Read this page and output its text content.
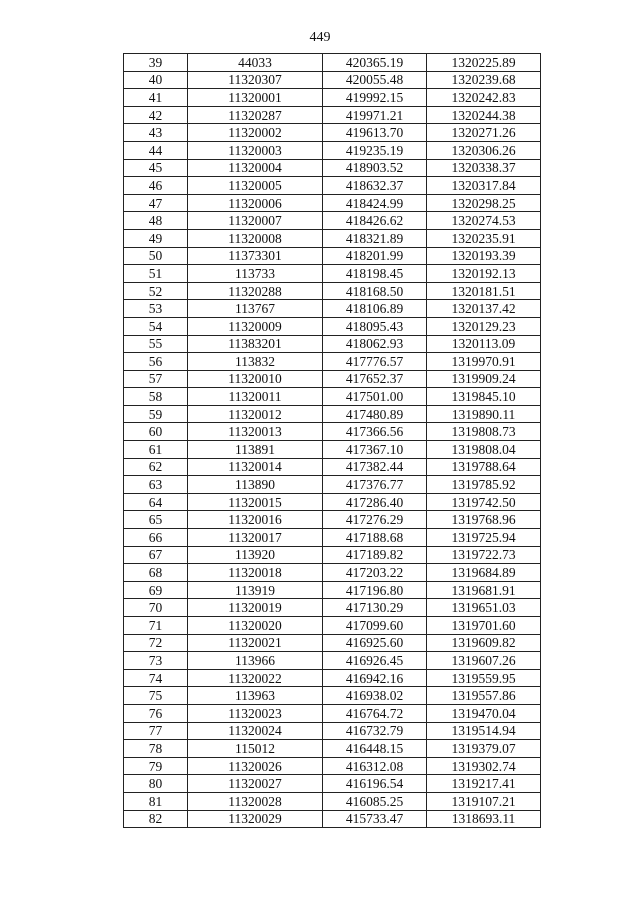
449
39	44033	420365.19	1320225.89
40	11320307	420055.48	1320239.68
41	11320001	419992.15	1320242.83
42	11320287	419971.21	1320244.38
43	11320002	419613.70	1320271.26
44	11320003	419235.19	1320306.26
45	11320004	418903.52	1320338.37
46	11320005	418632.37	1320317.84
47	11320006	418424.99	1320298.25
48	11320007	418426.62	1320274.53
49	11320008	418321.89	1320235.91
50	11373301	418201.99	1320193.39
51	113733	418198.45	1320192.13
52	11320288	418168.50	1320181.51
53	113767	418106.89	1320137.42
54	11320009	418095.43	1320129.23
55	11383201	418062.93	1320113.09
56	113832	417776.57	1319970.91
57	11320010	417652.37	1319909.24
58	11320011	417501.00	1319845.10
59	11320012	417480.89	1319890.11
60	11320013	417366.56	1319808.73
61	113891	417367.10	1319808.04
62	11320014	417382.44	1319788.64
63	113890	417376.77	1319785.92
64	11320015	417286.40	1319742.50
65	11320016	417276.29	1319768.96
66	11320017	417188.68	1319725.94
67	113920	417189.82	1319722.73
68	11320018	417203.22	1319684.89
69	113919	417196.80	1319681.91
70	11320019	417130.29	1319651.03
71	11320020	417099.60	1319701.60
72	11320021	416925.60	1319609.82
73	113966	416926.45	1319607.26
74	11320022	416942.16	1319559.95
75	113963	416938.02	1319557.86
76	11320023	416764.72	1319470.04
77	11320024	416732.79	1319514.94
78	115012	416448.15	1319379.07
79	11320026	416312.08	1319302.74
80	11320027	416196.54	1319217.41
81	11320028	416085.25	1319107.21
82	11320029	415733.47	1318693.11
